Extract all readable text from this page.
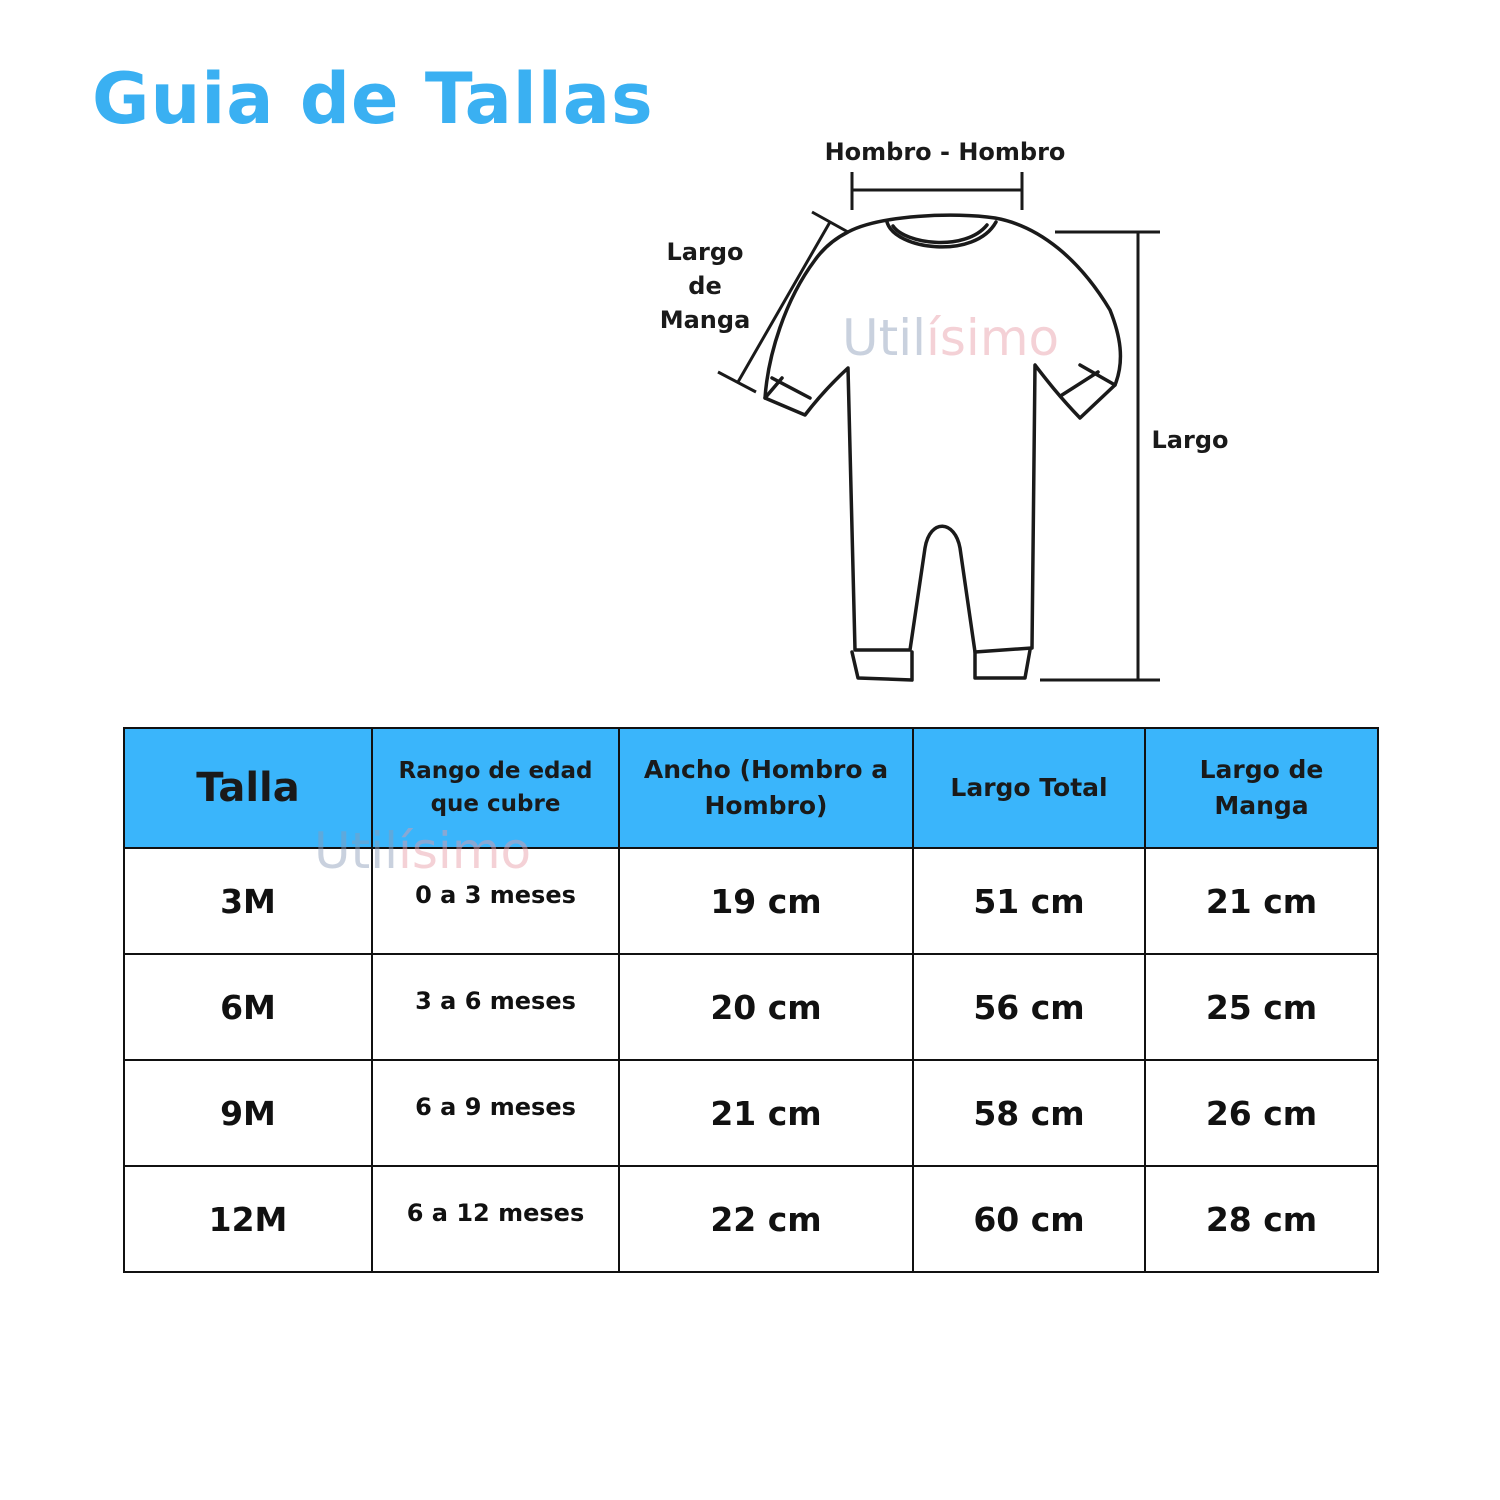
Guia de Tallas
Hombro - Hombro
Largo
de
Manga
Largo
Utilísimo
Talla	Rango de edad que cubre	Ancho (Hombro a Hombro)	Largo Total	Largo de Manga
3M	0 a 3 meses	19 cm	51 cm	21 cm
6M	3 a 6 meses	20 cm	56 cm	25 cm
9M	6 a 9 meses	21 cm	58 cm	26 cm
12M	6 a 12 meses	22 cm	60 cm	28 cm
Utilísimo
